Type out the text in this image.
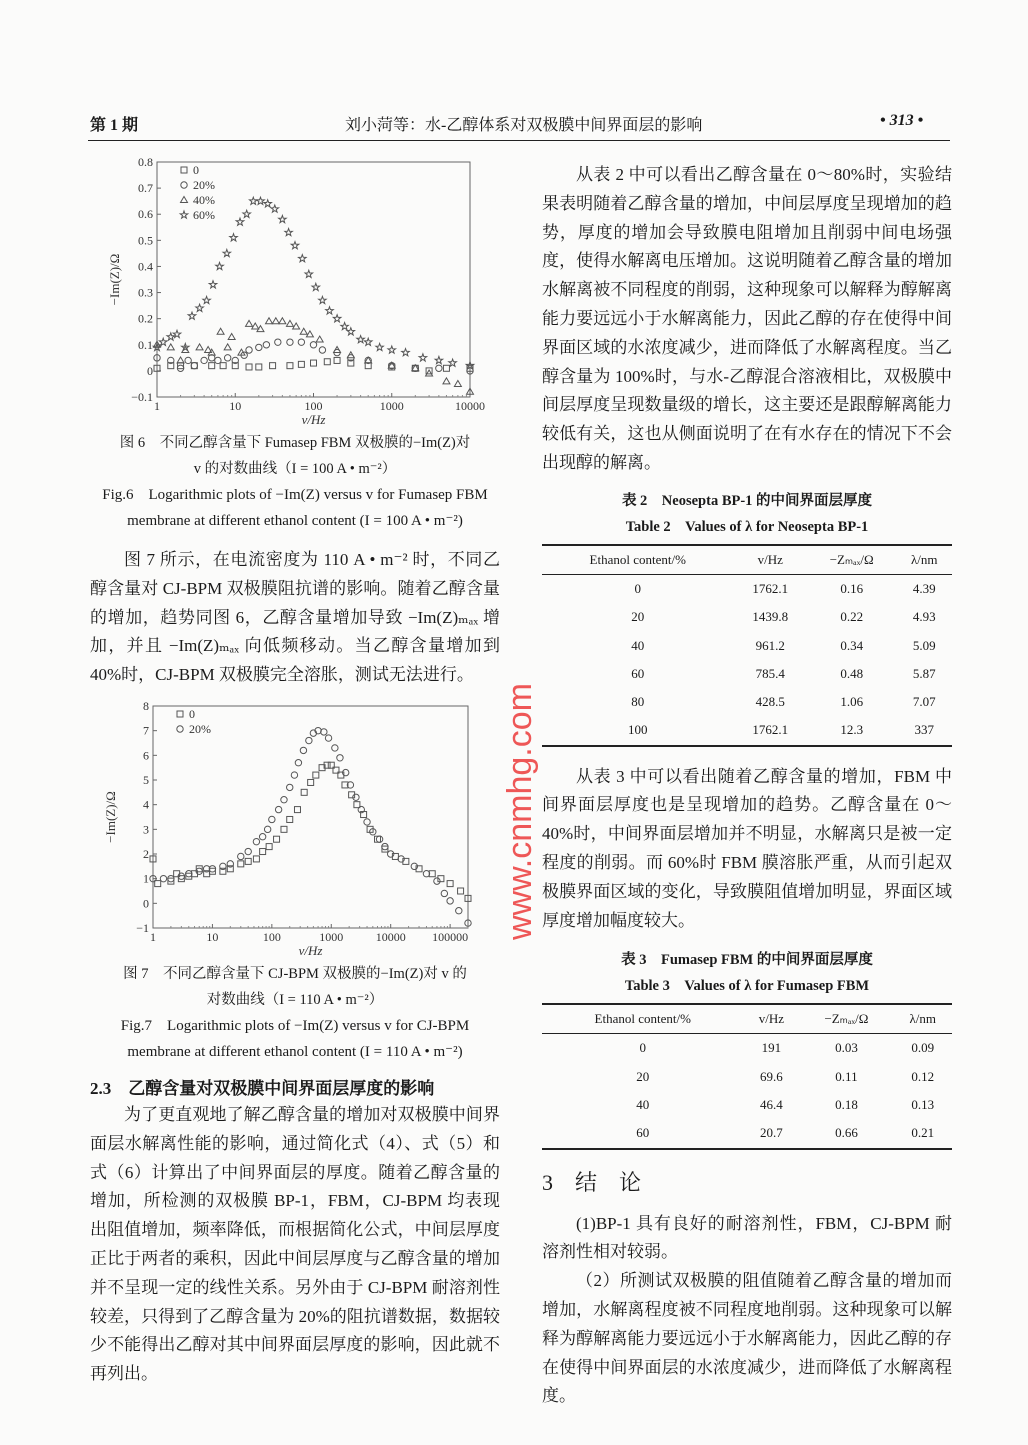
第 1 期	刘小菏等：水-乙醇体系对双极膜中间界面层的影响	• 313 •
−0.1
0
0.1
0.2
0.3
0.4
0.5
0.6
0.7
0.8
1	10	100	1000	10000
v/Hz
−Im(Z)/Ω
0
20%
40%
60%
图 6　不同乙醇含量下 Fumasep FBM 双极膜的−Im(Z)对
v 的对数曲线（I = 100 A • m⁻²）
Fig.6　Logarithmic plots of −Im(Z) versus v for Fumasep FBM
membrane at different ethanol content (I = 100 A • m⁻²)

图 7 所示，在电流密度为 110 A • m⁻² 时，不同乙醇含量对 CJ-BPM 双极膜阻抗谱的影响。随着乙醇含量的增加，趋势同图 6，乙醇含量增加导致 −Im(Z)ₘₐₓ 增加，并且 −Im(Z)ₘₐₓ 向低频移动。当乙醇含量增加到 40%时，CJ-BPM 双极膜完全溶胀，测试无法进行。

−1
0
1
2
3
4
5
6
7
8
1	10	100	1000	10000 100000
v/Hz
−Im(Z)/Ω
0
20%
图 7　不同乙醇含量下 CJ-BPM 双极膜的−Im(Z)对 v 的
对数曲线（I = 110 A • m⁻²）
Fig.7　Logarithmic plots of −Im(Z) versus v for CJ-BPM
membrane at different ethanol content (I = 110 A • m⁻²)
2.3　乙醇含量对双极膜中间界面层厚度的影响

为了更直观地了解乙醇含量的增加对双极膜中间界面层水解离性能的影响，通过简化式（4）、式（5）和式（6）计算出了中间界面层的厚度。随着乙醇含量的增加，所检测的双极膜 BP-1，FBM，CJ-BPM 均表现出阻值增加，频率降低，而根据简化公式，中间层厚度正比于两者的乘积，因此中间层厚度与乙醇含量的增加并不呈现一定的线性关系。另外由于 CJ-BPM 耐溶剂性较差，只得到了乙醇含量为 20%的阻抗谱数据，数据较少不能得出乙醇对其中间界面层厚度的影响，因此就不再列出。

从表 2 中可以看出乙醇含量在 0～80%时，实验结果表明随着乙醇含量的增加，中间层厚度呈现增加的趋势，厚度的增加会导致膜电阻增加且削弱中间电场强度，使得水解离电压增加。这说明随着乙醇含量的增加水解离被不同程度的削弱，这种现象可以解释为醇解离能力要远远小于水解离能力，因此乙醇的存在使得中间界面区域的水浓度减少，进而降低了水解离程度。当乙醇含量为 100%时，与水-乙醇混合溶液相比，双极膜中间层厚度呈现数量级的增长，这主要还是跟醇解离能力较低有关，这也从侧面说明了在有水存在的情况下不会出现醇的解离。

表 2　Neosepta BP-1 的中间界面层厚度
Table 2　Values of λ for Neosepta BP-1
Ethanol content/%	v/Hz	−Zₘₐₓ/Ω	λ/nm
0	1762.1	0.16	4.39
20	1439.8	0.22	4.93
40	961.2	0.34	5.09
60	785.4	0.48	5.87
80	428.5	1.06	7.07
100	1762.1	12.3	337

从表 3 中可以看出随着乙醇含量的增加，FBM 中间界面层厚度也是呈现增加的趋势。乙醇含量在 0～40%时，中间界面层增加并不明显，水解离只是被一定程度的削弱。而 60%时 FBM 膜溶胀严重，从而引起双极膜界面区域的变化，导致膜阻值增加明显，界面区域厚度增加幅度较大。

表 3　Fumasep FBM 的中间界面层厚度
Table 3　Values of λ for Fumasep FBM
Ethanol content/%	v/Hz	−Zₘₐₓ/Ω	λ/nm
0	191	0.03	0.09
20	69.6	0.11	0.12
40	46.4	0.18	0.13
60	20.7	0.66	0.21
3　结　论

(1)BP-1 具有良好的耐溶剂性，FBM，CJ-BPM 耐溶剂性相对较弱。

（2）所测试双极膜的阻值随着乙醇含量的增加而增加，水解离程度被不同程度地削弱。这种现象可以解释为醇解离能力要远远小于水解离能力，因此乙醇的存在使得中间界面层的水浓度减少，进而降低了水解离程度。

www.cnmhg.com
